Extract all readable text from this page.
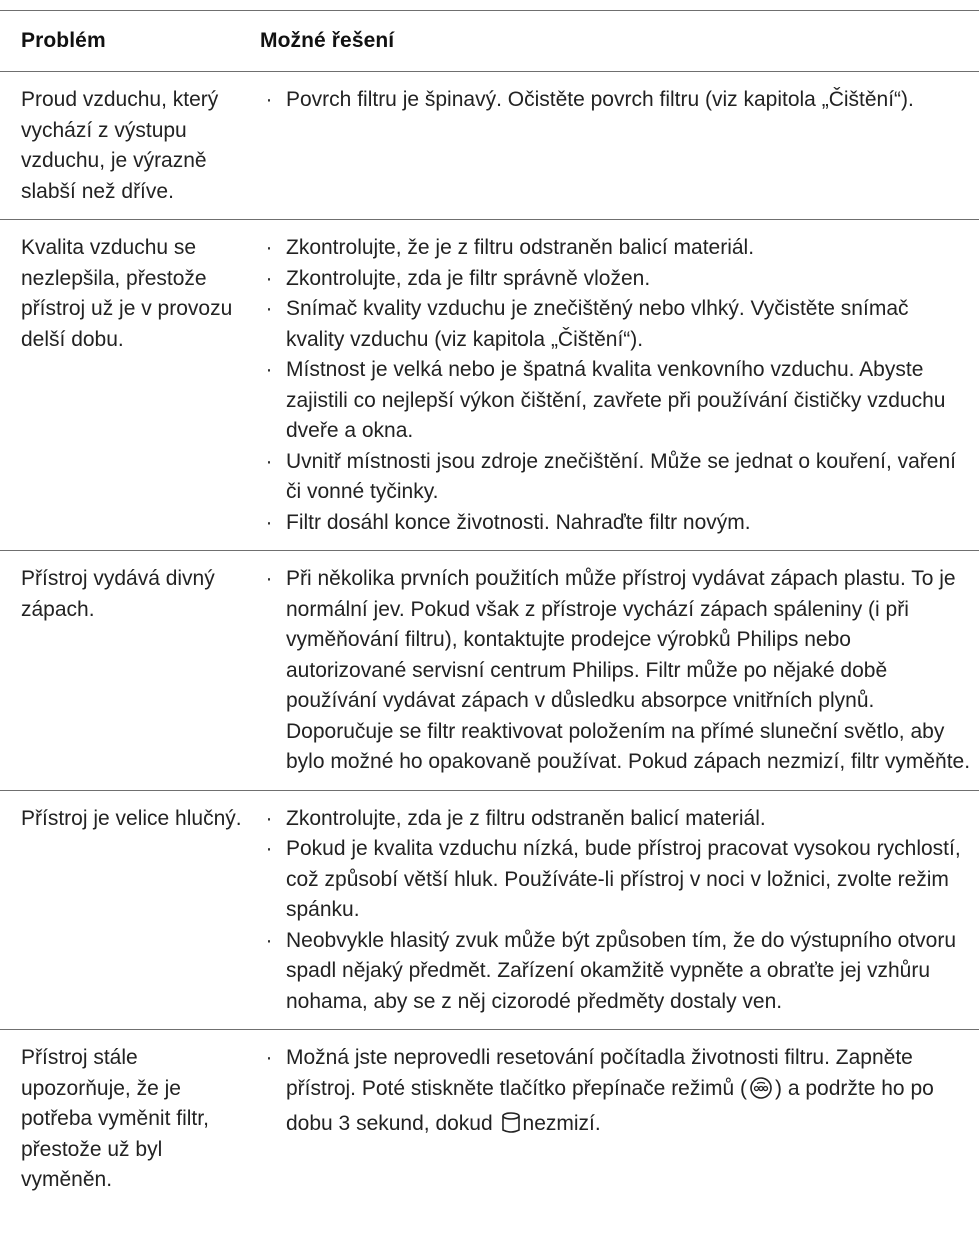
Problém	Možné řešení
Proud vzduchu, který vychází z výstupu vzduchu, je výrazně slabší než dříve.
· Povrch filtru je špinavý. Očistěte povrch filtru (viz kapitola „Čištění“).
Kvalita vzduchu se nezlepšila, přestože přístroj už je v provozu delší dobu.
· Zkontrolujte, že je z filtru odstraněn balicí materiál.
· Zkontrolujte, zda je filtr správně vložen.
· Snímač kvality vzduchu je znečištěný nebo vlhký. Vyčistěte snímač kvality vzduchu (viz kapitola „Čištění“).
· Místnost je velká nebo je špatná kvalita venkovního vzduchu. Abyste zajistili co nejlepší výkon čištění, zavřete při používání čističky vzduchu dveře a okna.
· Uvnitř místnosti jsou zdroje znečištění. Může se jednat o kouření, vaření či vonné tyčinky.
· Filtr dosáhl konce životnosti. Nahraďte filtr novým.
Přístroj vydává divný zápach.
· Při několika prvních použitích může přístroj vydávat zápach plastu. To je normální jev. Pokud však z přístroje vychází zápach spáleniny (i při vyměňování filtru), kontaktujte prodejce výrobků Philips nebo autorizované servisní centrum Philips. Filtr může po nějaké době používání vydávat zápach v důsledku absorpce vnitřních plynů. Doporučuje se filtr reaktivovat položením na přímé sluneční světlo, aby bylo možné ho opakovaně používat. Pokud zápach nezmizí, filtr vyměňte.
Přístroj je velice hlučný.	· Zkontrolujte, zda je z filtru odstraněn balicí materiál.
· Pokud je kvalita vzduchu nízká, bude přístroj pracovat vysokou rychlostí, což způsobí větší hluk. Používáte-li přístroj v noci v ložnici, zvolte režim spánku.
· Neobvykle hlasitý zvuk může být způsoben tím, že do výstupního otvoru spadl nějaký předmět. Zařízení okamžitě vypněte a obraťte jej vzhůru nohama, aby se z něj cizorodé předměty dostaly ven.
Přístroj stále upozorňuje, že je potřeba vyměnit filtr, přestože už byl vyměněn.
· Možná jste neprovedli resetování počítadla životnosti filtru. Zapněte přístroj. Poté stiskněte tlačítko přepínače režimů ( ) a podržte ho po dobu 3 sekund, dokud nezmizí.
